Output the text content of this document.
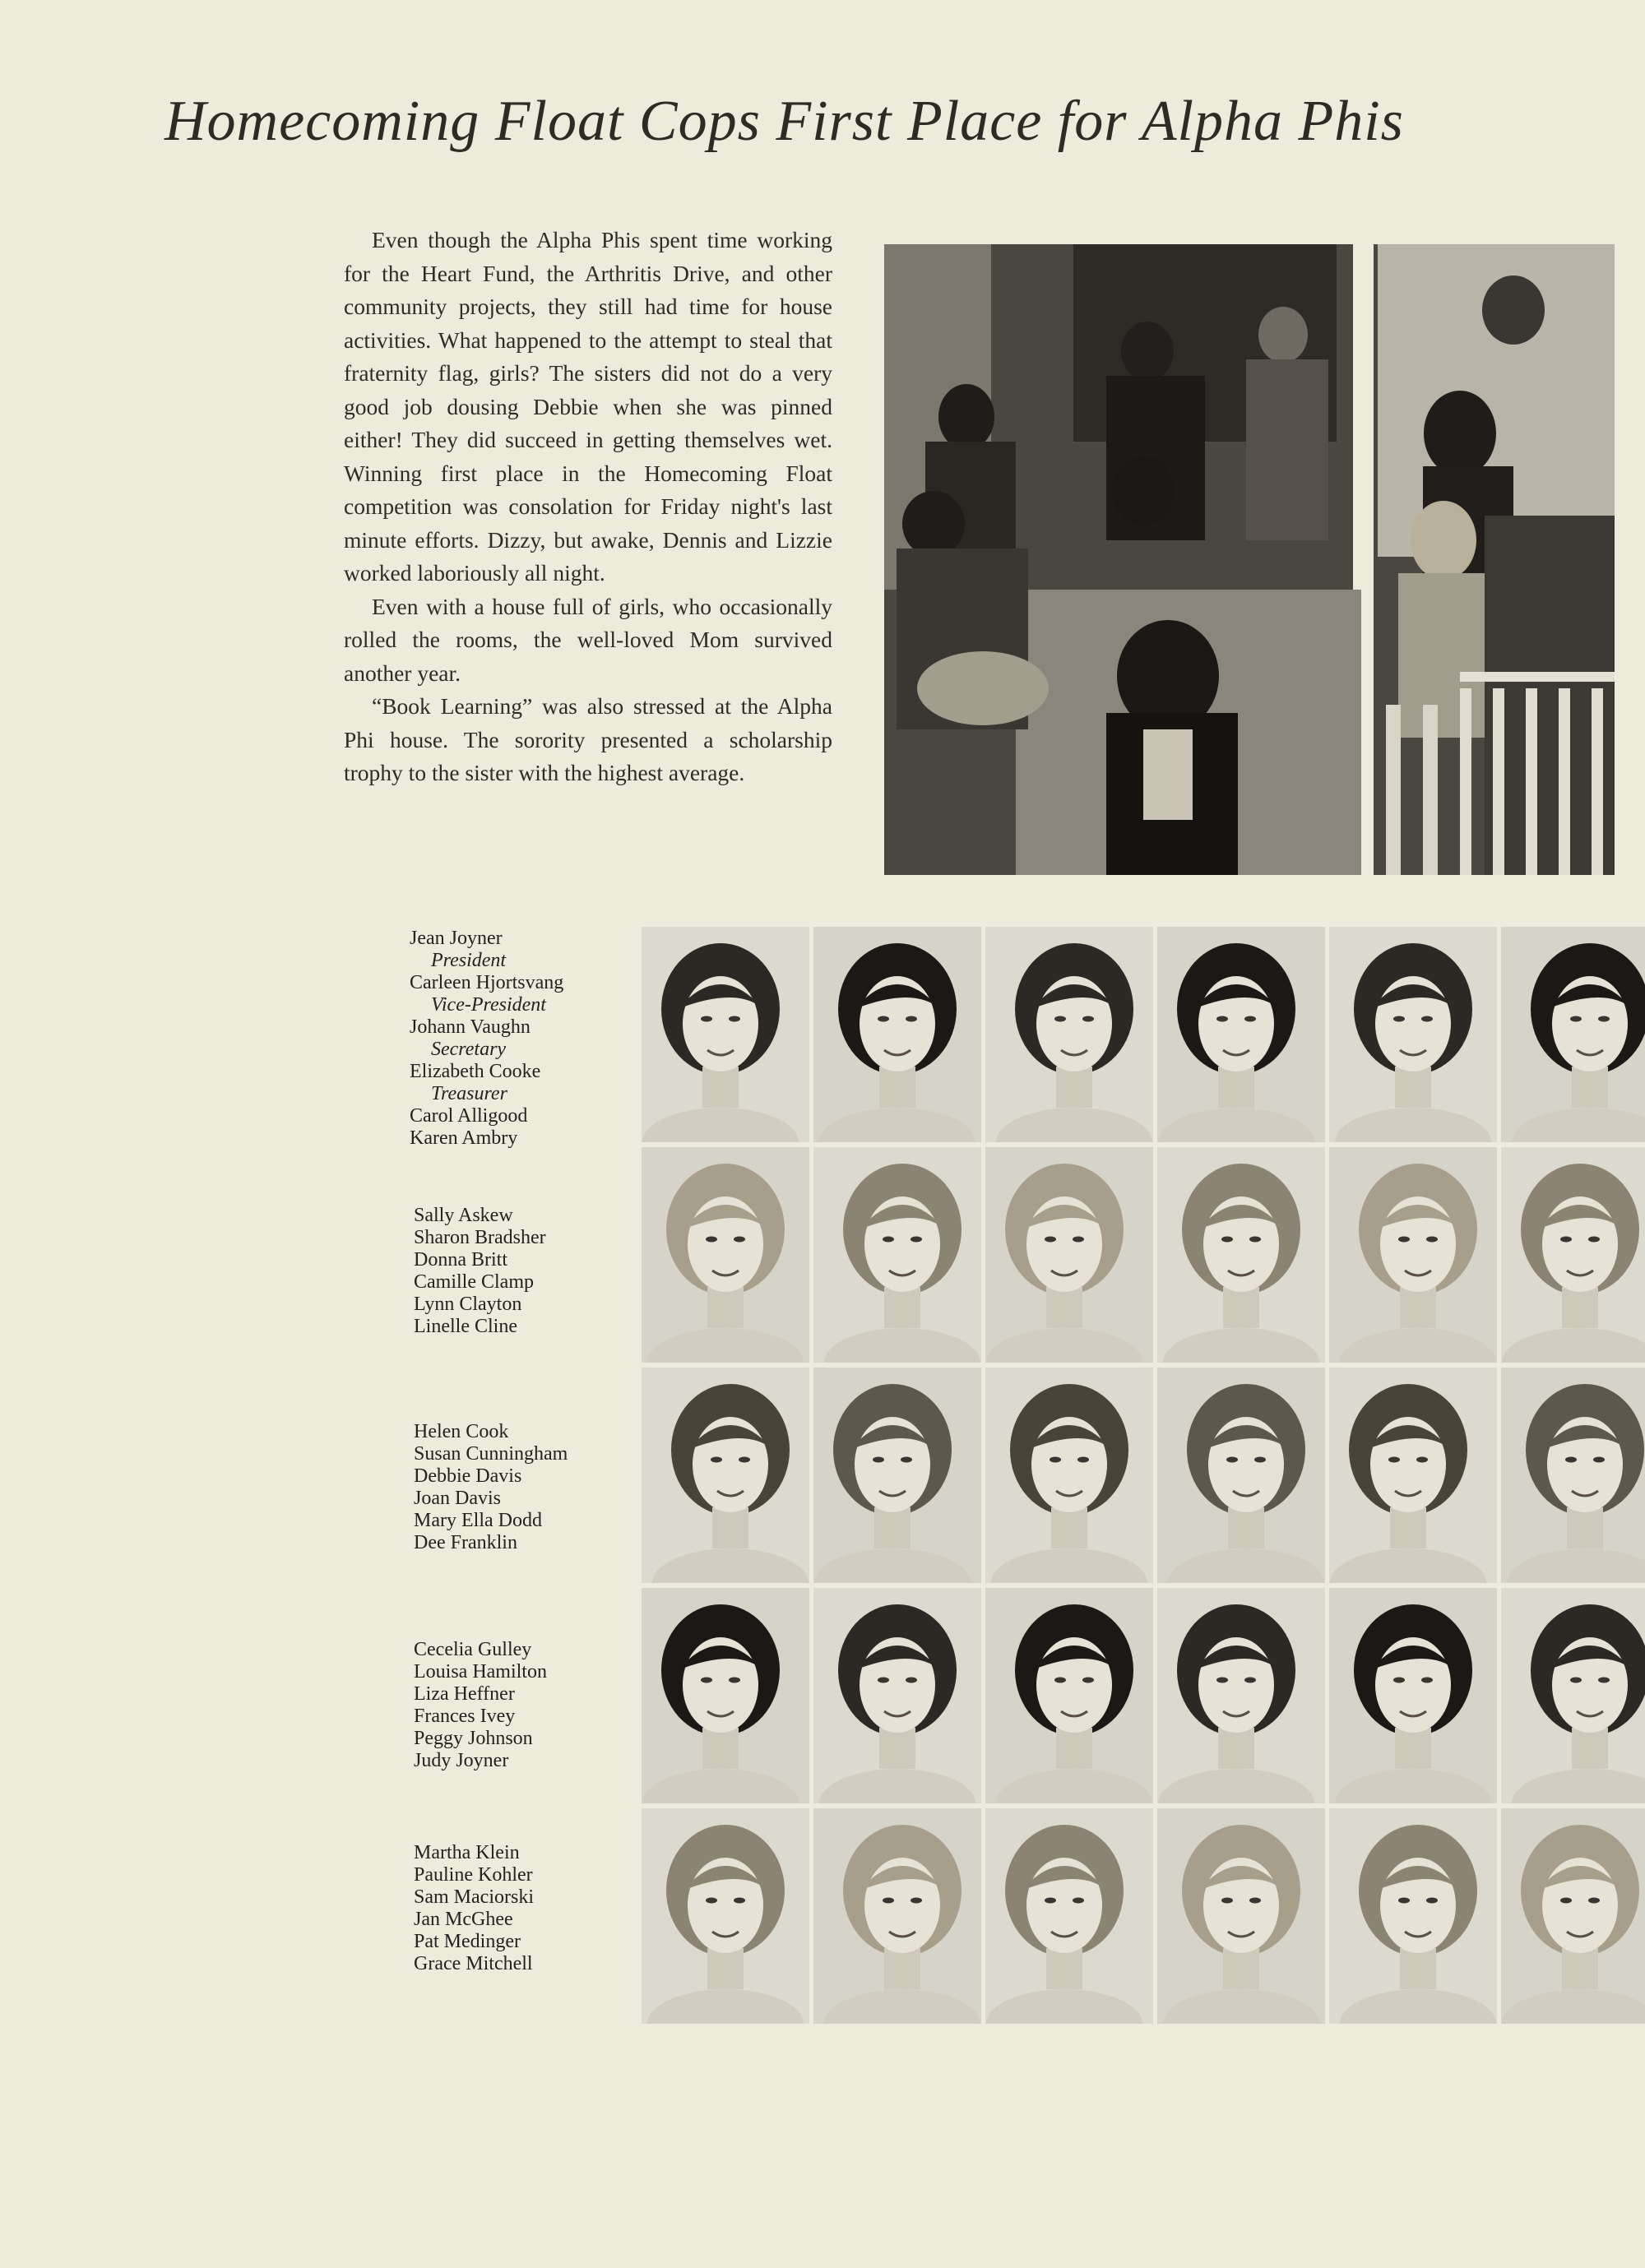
Homecoming Float Cops First Place for Alpha Phis

Even though the Alpha Phis spent time working for the Heart Fund, the Arthritis Drive, and other community projects, they still had time for house activities. What happened to the attempt to steal that fraternity flag, girls? The sisters did not do a very good job dousing Debbie when she was pinned either! They did succeed in getting themselves wet. Winning first place in the Homecoming Float competition was consolation for Friday night's last minute efforts. Dizzy, but awake, Dennis and Lizzie worked laboriously all night.

Even with a house full of girls, who occasionally rolled the rooms, the well-loved Mom survived another year.

“Book Learning” was also stressed at the Alpha Phi house. The sorority presented a scholarship trophy to the sister with the highest average.

Jean Joyner
President
Carleen Hjortsvang
Vice-President
Johann Vaughn
Secretary
Elizabeth Cooke
Treasurer
Carol Alligood
Karen Ambry
Sally Askew
Sharon Bradsher
Donna Britt
Camille Clamp
Lynn Clayton
Linelle Cline
Helen Cook
Susan Cunningham
Debbie Davis
Joan Davis
Mary Ella Dodd
Dee Franklin
Cecelia Gulley
Louisa Hamilton
Liza Heffner
Frances Ivey
Peggy Johnson
Judy Joyner
Martha Klein
Pauline Kohler
Sam Maciorski
Jan McGhee
Pat Medinger
Grace Mitchell
